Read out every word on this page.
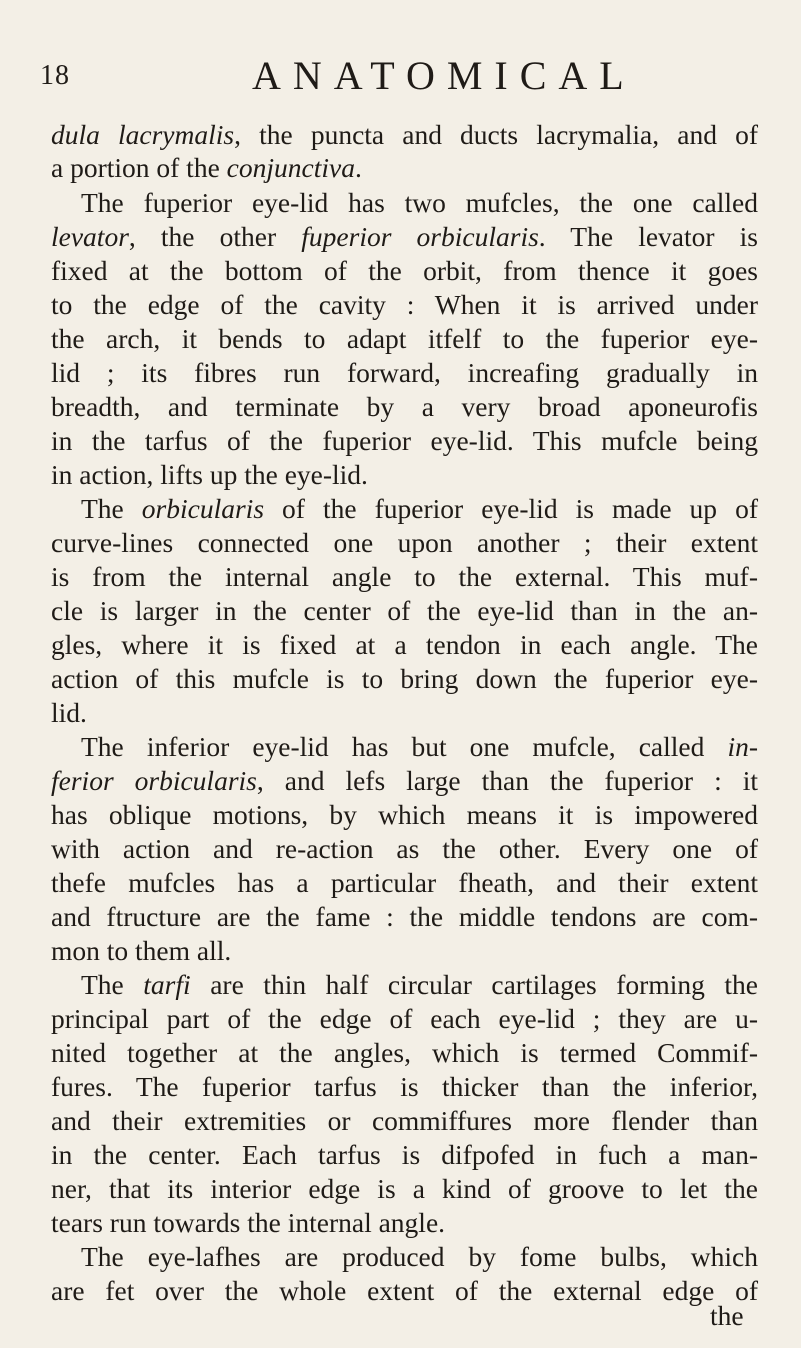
18	ANATOMICAL
dula lacrymalis, the puncta and ducts lacrymalia, and of
a portion of the conjunctiva.
The fuperior eye-lid has two mufcles, the one called
levator, the other fuperior orbicularis. The levator is
fixed at the bottom of the orbit, from thence it goes
to the edge of the cavity : When it is arrived under
the arch, it bends to adapt itfelf to the fuperior eye-
lid ; its fibres run forward, increafing gradually in
breadth, and terminate by a very broad aponeurofis
in the tarfus of the fuperior eye-lid. This mufcle being
in action, lifts up the eye-lid.
The orbicularis of the fuperior eye-lid is made up of
curve-lines connected one upon another ; their extent
is from the internal angle to the external. This muf-
cle is larger in the center of the eye-lid than in the an-
gles, where it is fixed at a tendon in each angle. The
action of this mufcle is to bring down the fuperior eye-
lid.
The inferior eye-lid has but one mufcle, called in-
ferior orbicularis, and lefs large than the fuperior : it
has oblique motions, by which means it is impowered
with action and re-action as the other. Every one of
thefe mufcles has a particular fheath, and their extent
and ftructure are the fame : the middle tendons are com-
mon to them all.
The tarfi are thin half circular cartilages forming the
principal part of the edge of each eye-lid ; they are u-
nited together at the angles, which is termed Commif-
fures. The fuperior tarfus is thicker than the inferior,
and their extremities or commiffures more flender than
in the center. Each tarfus is difpofed in fuch a man-
ner, that its interior edge is a kind of groove to let the
tears run towards the internal angle.
The eye-lafhes are produced by fome bulbs, which
are fet over the whole extent of the external edge of
the
